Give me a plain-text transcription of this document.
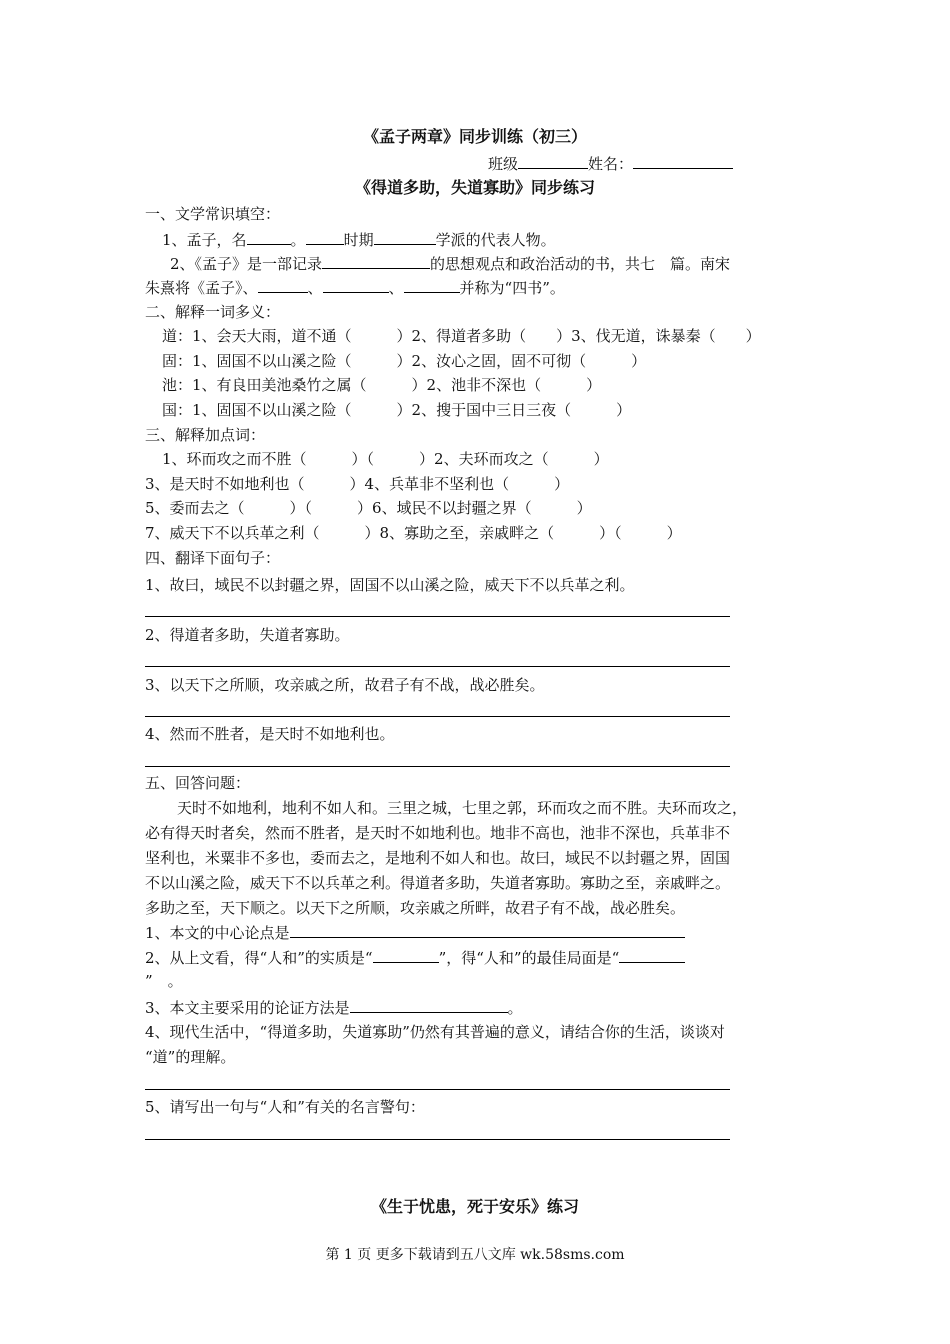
《孟子两章》同步训练（初三）
班级	姓名：
《得道多助，失道寡助》同步练习
一、文学常识填空：
1、孟子，名	。	时期	学派的代表人物。
2、《孟子》是一部记录	的思想观点和政治活动的书，共七　篇。南宋
朱熹将《孟子》、	、	、	并称为“四书”。
二、解释一词多义：
道：1、会天大雨，道不通（　　　）2、得道者多助（　　）3、伐无道，诛暴秦（　　）
固：1、固国不以山溪之险（　　　）2、汝心之固，固不可彻（　　　）
池：1、有良田美池桑竹之属（　　　）2、池非不深也（　　　）
国：1、固国不以山溪之险（　　　）2、搜于国中三日三夜（　　　）
三、解释加点词：
1、环而攻之而不胜（　　　）（　　　）2、夫环而攻之（　　　）
3、是天时不如地利也（　　　）4、兵革非不坚利也（　　　）
5、委而去之（　　　）（　　　）6、域民不以封疆之界（　　　）
7、威天下不以兵革之利（　　　）8、寡助之至，亲戚畔之（　　　）（　　　）
四、翻译下面句子：
1、故曰，域民不以封疆之界，固国不以山溪之险，威天下不以兵革之利。
2、得道者多助，失道者寡助。
3、以天下之所顺，攻亲戚之所，故君子有不战，战必胜矣。
4、然而不胜者，是天时不如地利也。
五、回答问题：
天时不如地利，地利不如人和。三里之城，七里之郭，环而攻之而不胜。夫环而攻之，
必有得天时者矣，然而不胜者，是天时不如地利也。地非不高也，池非不深也，兵革非不
坚利也，米粟非不多也，委而去之，是地利不如人和也。故曰，域民不以封疆之界，固国
不以山溪之险，威天下不以兵革之利。得道者多助，失道者寡助。寡助之至，亲戚畔之。
多助之至，天下顺之。以天下之所顺，攻亲戚之所畔，故君子有不战，战必胜矣。
1、本文的中心论点是
2、从上文看，得“人和”的实质是“	”，得“人和”的最佳局面是“
”　。
3、本文主要采用的论证方法是	。
4、现代生活中，“得道多助，失道寡助”仍然有其普遍的意义，请结合你的生活，谈谈对
“道”的理解。
5、请写出一句与“人和”有关的名言警句：
《生于忧患，死于安乐》练习
第 1 页 更多下载请到五八文库 wk.58sms.com
